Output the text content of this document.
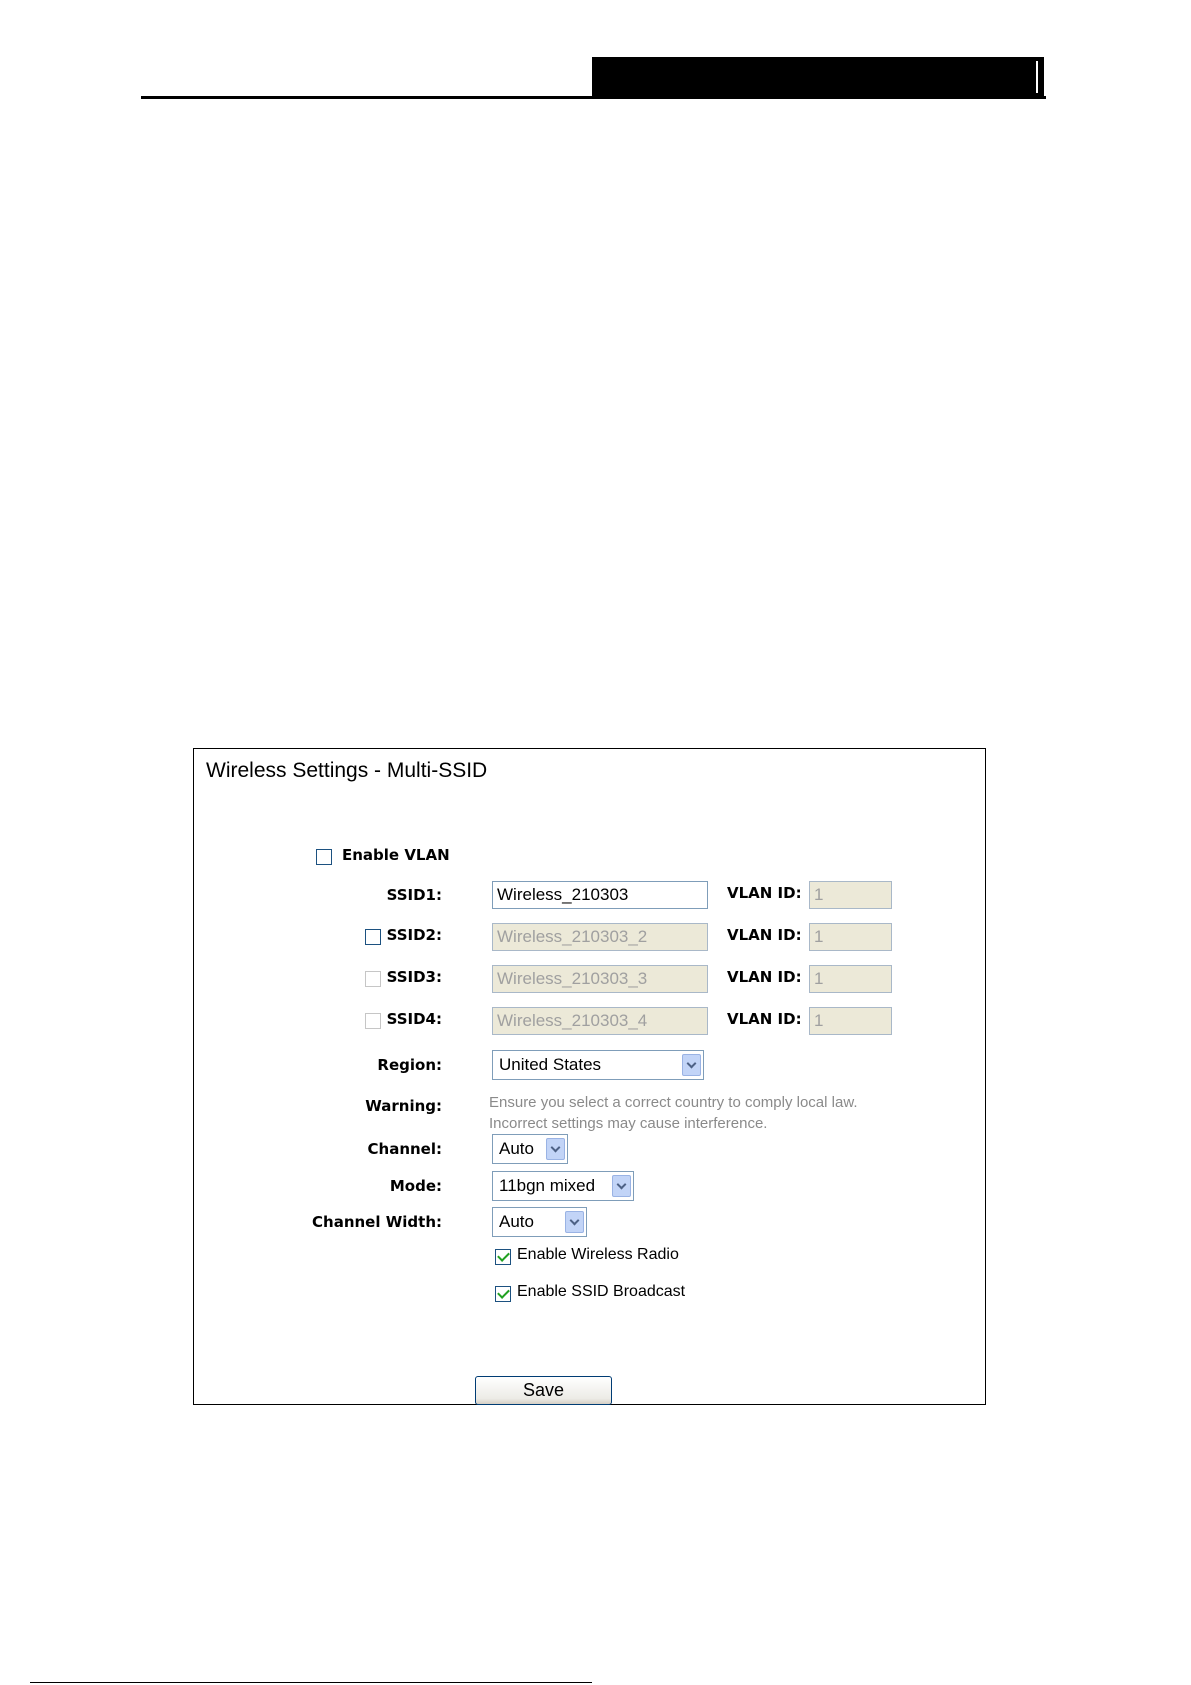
Wireless Settings - Multi-SSID
Enable VLAN
SSID1:	Wireless_210303	VLAN ID: 1
SSID2:	Wireless_210303_2	VLAN ID: 1
SSID3:	Wireless_210303_3	VLAN ID: 1
SSID4:	Wireless_210303_4	VLAN ID: 1
Region:	United States
Warning:	Ensure you select a correct country to comply local law.
Incorrect settings may cause interference.
Channel:	Auto
Mode:	11bgn mixed
Channel Width:	Auto
Enable Wireless Radio
Enable SSID Broadcast
Save
